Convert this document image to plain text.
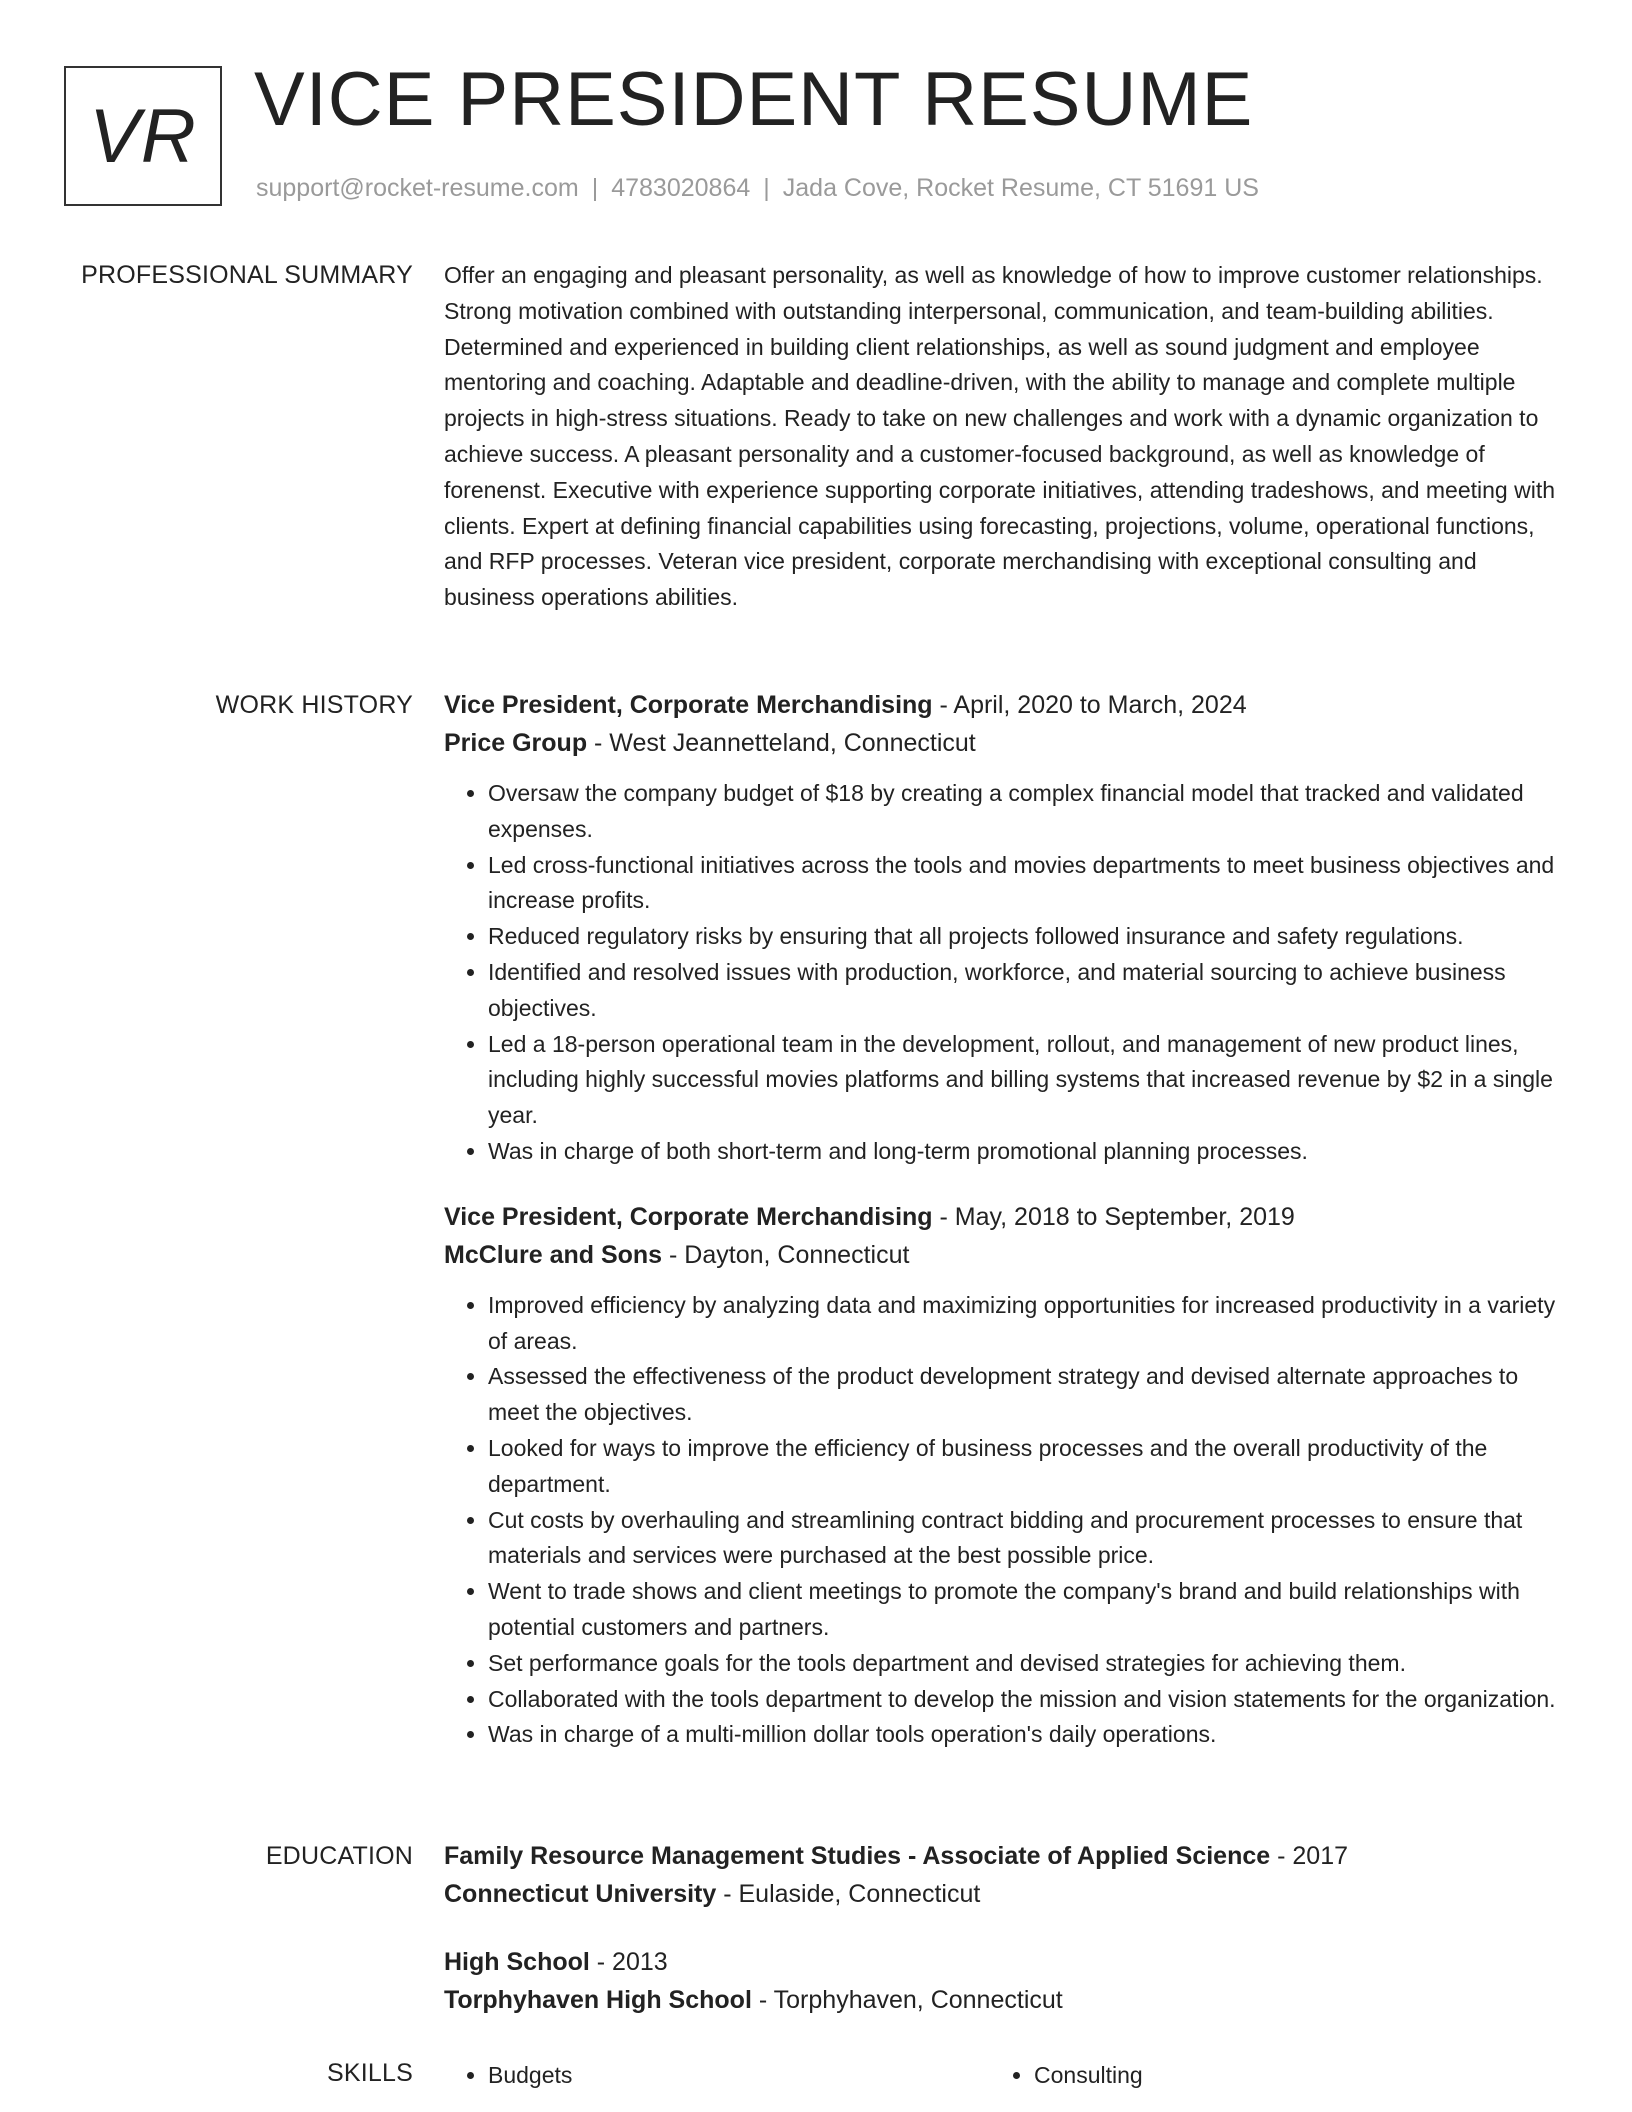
VR VICE PRESIDENT RESUME
support@rocket-resume.com | 4783020864 | Jada Cove, Rocket Resume, CT 51691 US
PROFESSIONAL SUMMARY Offer an engaging and pleasant personality, as well as knowledge of how to improve customer relationships. Strong motivation combined with outstanding interpersonal, communication, and team-building abilities. Determined and experienced in building client relationships, as well as sound judgment and employee mentoring and coaching. Adaptable and deadline-driven, with the ability to manage and complete multiple projects in high-stress situations. Ready to take on new challenges and work with a dynamic organization to achieve success. A pleasant personality and a customer-focused background, as well as knowledge of forenenst. Executive with experience supporting corporate initiatives, attending tradeshows, and meeting with clients. Expert at defining financial capabilities using forecasting, projections, volume, operational functions, and RFP processes. Veteran vice president, corporate merchandising with exceptional consulting and business operations abilities.

WORK HISTORY Vice President, Corporate Merchandising - April, 2020 to March, 2024
Price Group - West Jeannetteland, Connecticut
• Oversaw the company budget of $18 by creating a complex financial model that tracked and validated expenses.
• Led cross-functional initiatives across the tools and movies departments to meet business objectives and increase profits.
• Reduced regulatory risks by ensuring that all projects followed insurance and safety regulations.
• Identified and resolved issues with production, workforce, and material sourcing to achieve business objectives.
• Led a 18-person operational team in the development, rollout, and management of new product lines, including highly successful movies platforms and billing systems that increased revenue by $2 in a single year.
• Was in charge of both short-term and long-term promotional planning processes.
Vice President, Corporate Merchandising - May, 2018 to September, 2019
McClure and Sons - Dayton, Connecticut
• Improved efficiency by analyzing data and maximizing opportunities for increased productivity in a variety of areas.
• Assessed the effectiveness of the product development strategy and devised alternate approaches to meet the objectives.
• Looked for ways to improve the efficiency of business processes and the overall productivity of the department.
• Cut costs by overhauling and streamlining contract bidding and procurement processes to ensure that materials and services were purchased at the best possible price.
• Went to trade shows and client meetings to promote the company's brand and build relationships with potential customers and partners.
• Set performance goals for the tools department and devised strategies for achieving them.
• Collaborated with the tools department to develop the mission and vision statements for the organization.
• Was in charge of a multi-million dollar tools operation's daily operations.
EDUCATION Family Resource Management Studies - Associate of Applied Science - 2017
Connecticut University - Eulaside, Connecticut
High School - 2013
Torphyhaven High School - Torphyhaven, Connecticut
SKILLS	• Budgets	• Consulting
